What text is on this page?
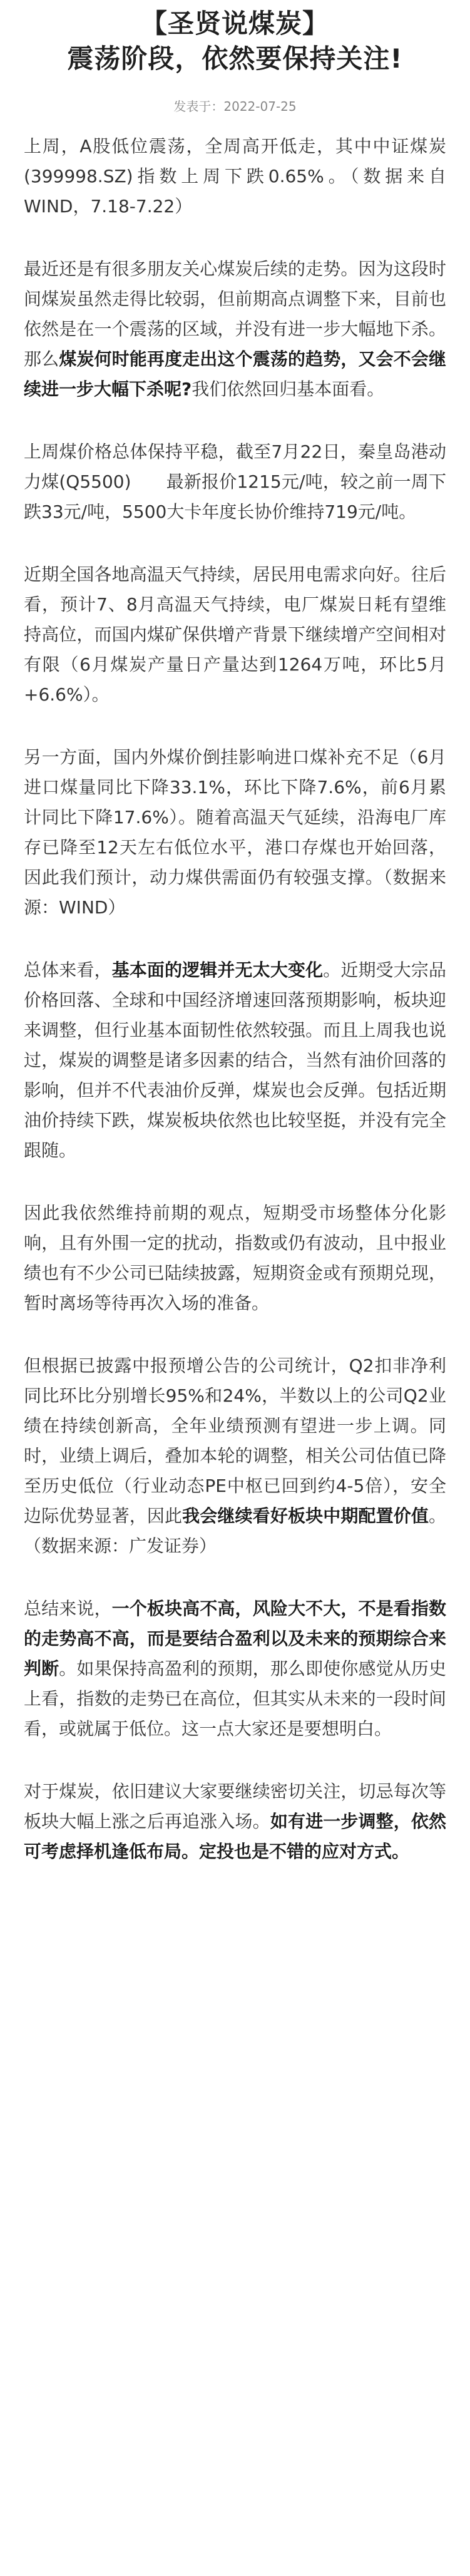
【圣贤说煤炭】
震荡阶段，依然要保持关注!
发表于：2022-07-25

上周，A股低位震荡，全周高开低走，其中中证煤炭(399998.SZ)指数上周下跌0.65%。（数据来自WIND，7.18-7.22）

最近还是有很多朋友关心煤炭后续的走势。因为这段时间煤炭虽然走得比较弱，但前期高点调整下来，目前也依然是在一个震荡的区域，并没有进一步大幅地下杀。那么煤炭何时能再度走出这个震荡的趋势，又会不会继续进一步大幅下杀呢?我们依然回归基本面看。

上周煤价格总体保持平稳，截至7月22日，秦皇岛港动力煤(Q5500) 最新报价1215元/吨，较之前一周下跌33元/吨，5500大卡年度长协价维持719元/吨。

近期全国各地高温天气持续，居民用电需求向好。往后看，预计7、8月高温天气持续，电厂煤炭日耗有望维持高位，而国内煤矿保供增产背景下继续增产空间相对有限（6月煤炭产量日产量达到1264万吨，环比5月+6.6%）。

另一方面，国内外煤价倒挂影响进口煤补充不足（6月进口煤量同比下降33.1%，环比下降7.6%，前6月累计同比下降17.6%）。随着高温天气延续，沿海电厂库存已降至12天左右低位水平，港口存煤也开始回落，因此我们预计，动力煤供需面仍有较强支撑。（数据来源：WIND）

总体来看，基本面的逻辑并无太大变化。近期受大宗品价格回落、全球和中国经济增速回落预期影响，板块迎来调整，但行业基本面韧性依然较强。而且上周我也说过，煤炭的调整是诸多因素的结合，当然有油价回落的影响，但并不代表油价反弹，煤炭也会反弹。包括近期油价持续下跌，煤炭板块依然也比较坚挺，并没有完全跟随。

因此我依然维持前期的观点，短期受市场整体分化影响，且有外围一定的扰动，指数或仍有波动，且中报业绩也有不少公司已陆续披露，短期资金或有预期兑现，暂时离场等待再次入场的准备。

但根据已披露中报预增公告的公司统计，Q2扣非净利同比环比分别增长95%和24%，半数以上的公司Q2业绩在持续创新高，全年业绩预测有望进一步上调。同时，业绩上调后，叠加本轮的调整，相关公司估值已降至历史低位（行业动态PE中枢已回到约4-5倍），安全边际优势显著，因此我会继续看好板块中期配置价值。（数据来源：广发证券）

总结来说，一个板块高不高，风险大不大，不是看指数的走势高不高，而是要结合盈利以及未来的预期综合来判断。如果保持高盈利的预期，那么即使你感觉从历史上看，指数的走势已在高位，但其实从未来的一段时间看，或就属于低位。这一点大家还是要想明白。

对于煤炭，依旧建议大家要继续密切关注，切忌每次等板块大幅上涨之后再追涨入场。如有进一步调整，依然可考虑择机逢低布局。定投也是不错的应对方式。
